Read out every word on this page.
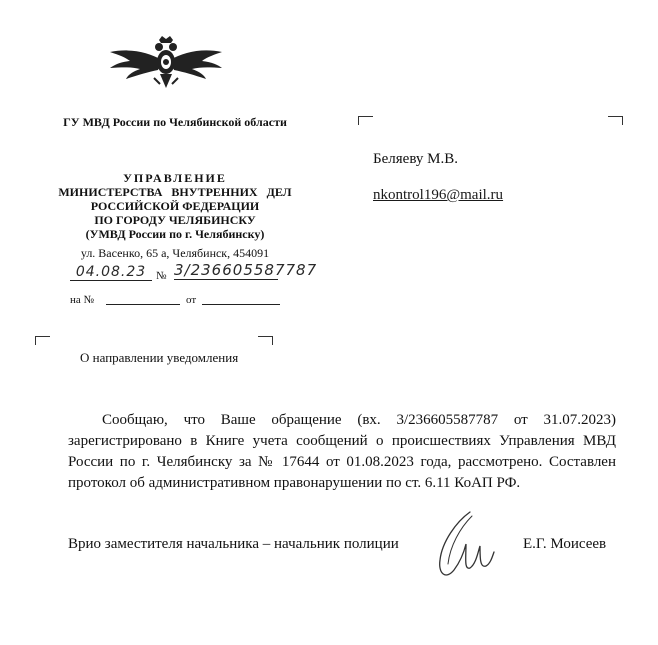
ГУ МВД России по Челябинской области
УПРАВЛЕНИЕ
МИНИСТЕРСТВА ВНУТРЕННИХ ДЕЛ
РОССИЙСКОЙ ФЕДЕРАЦИИ
ПО ГОРОДУ ЧЕЛЯБИНСКУ
(УМВД России по г. Челябинску)
ул. Васенко, 65 а, Челябинск, 454091
04.08.23 № 3/236605587787
на №	от
Беляеву М.В.
nkontrol196@mail.ru
О направлении уведомления

Сообщаю, что Ваше обращение (вх. 3/236605587787 от 31.07.2023) зарегистрировано в Книге учета сообщений о происшествиях Управления МВД России по г. Челябинску за № 17644 от 01.08.2023 года, рассмотрено. Составлен протокол об административном правонарушении по ст. 6.11 КоАП РФ.

Врио заместителя начальника – начальник полиции	Е.Г. Моисеев
